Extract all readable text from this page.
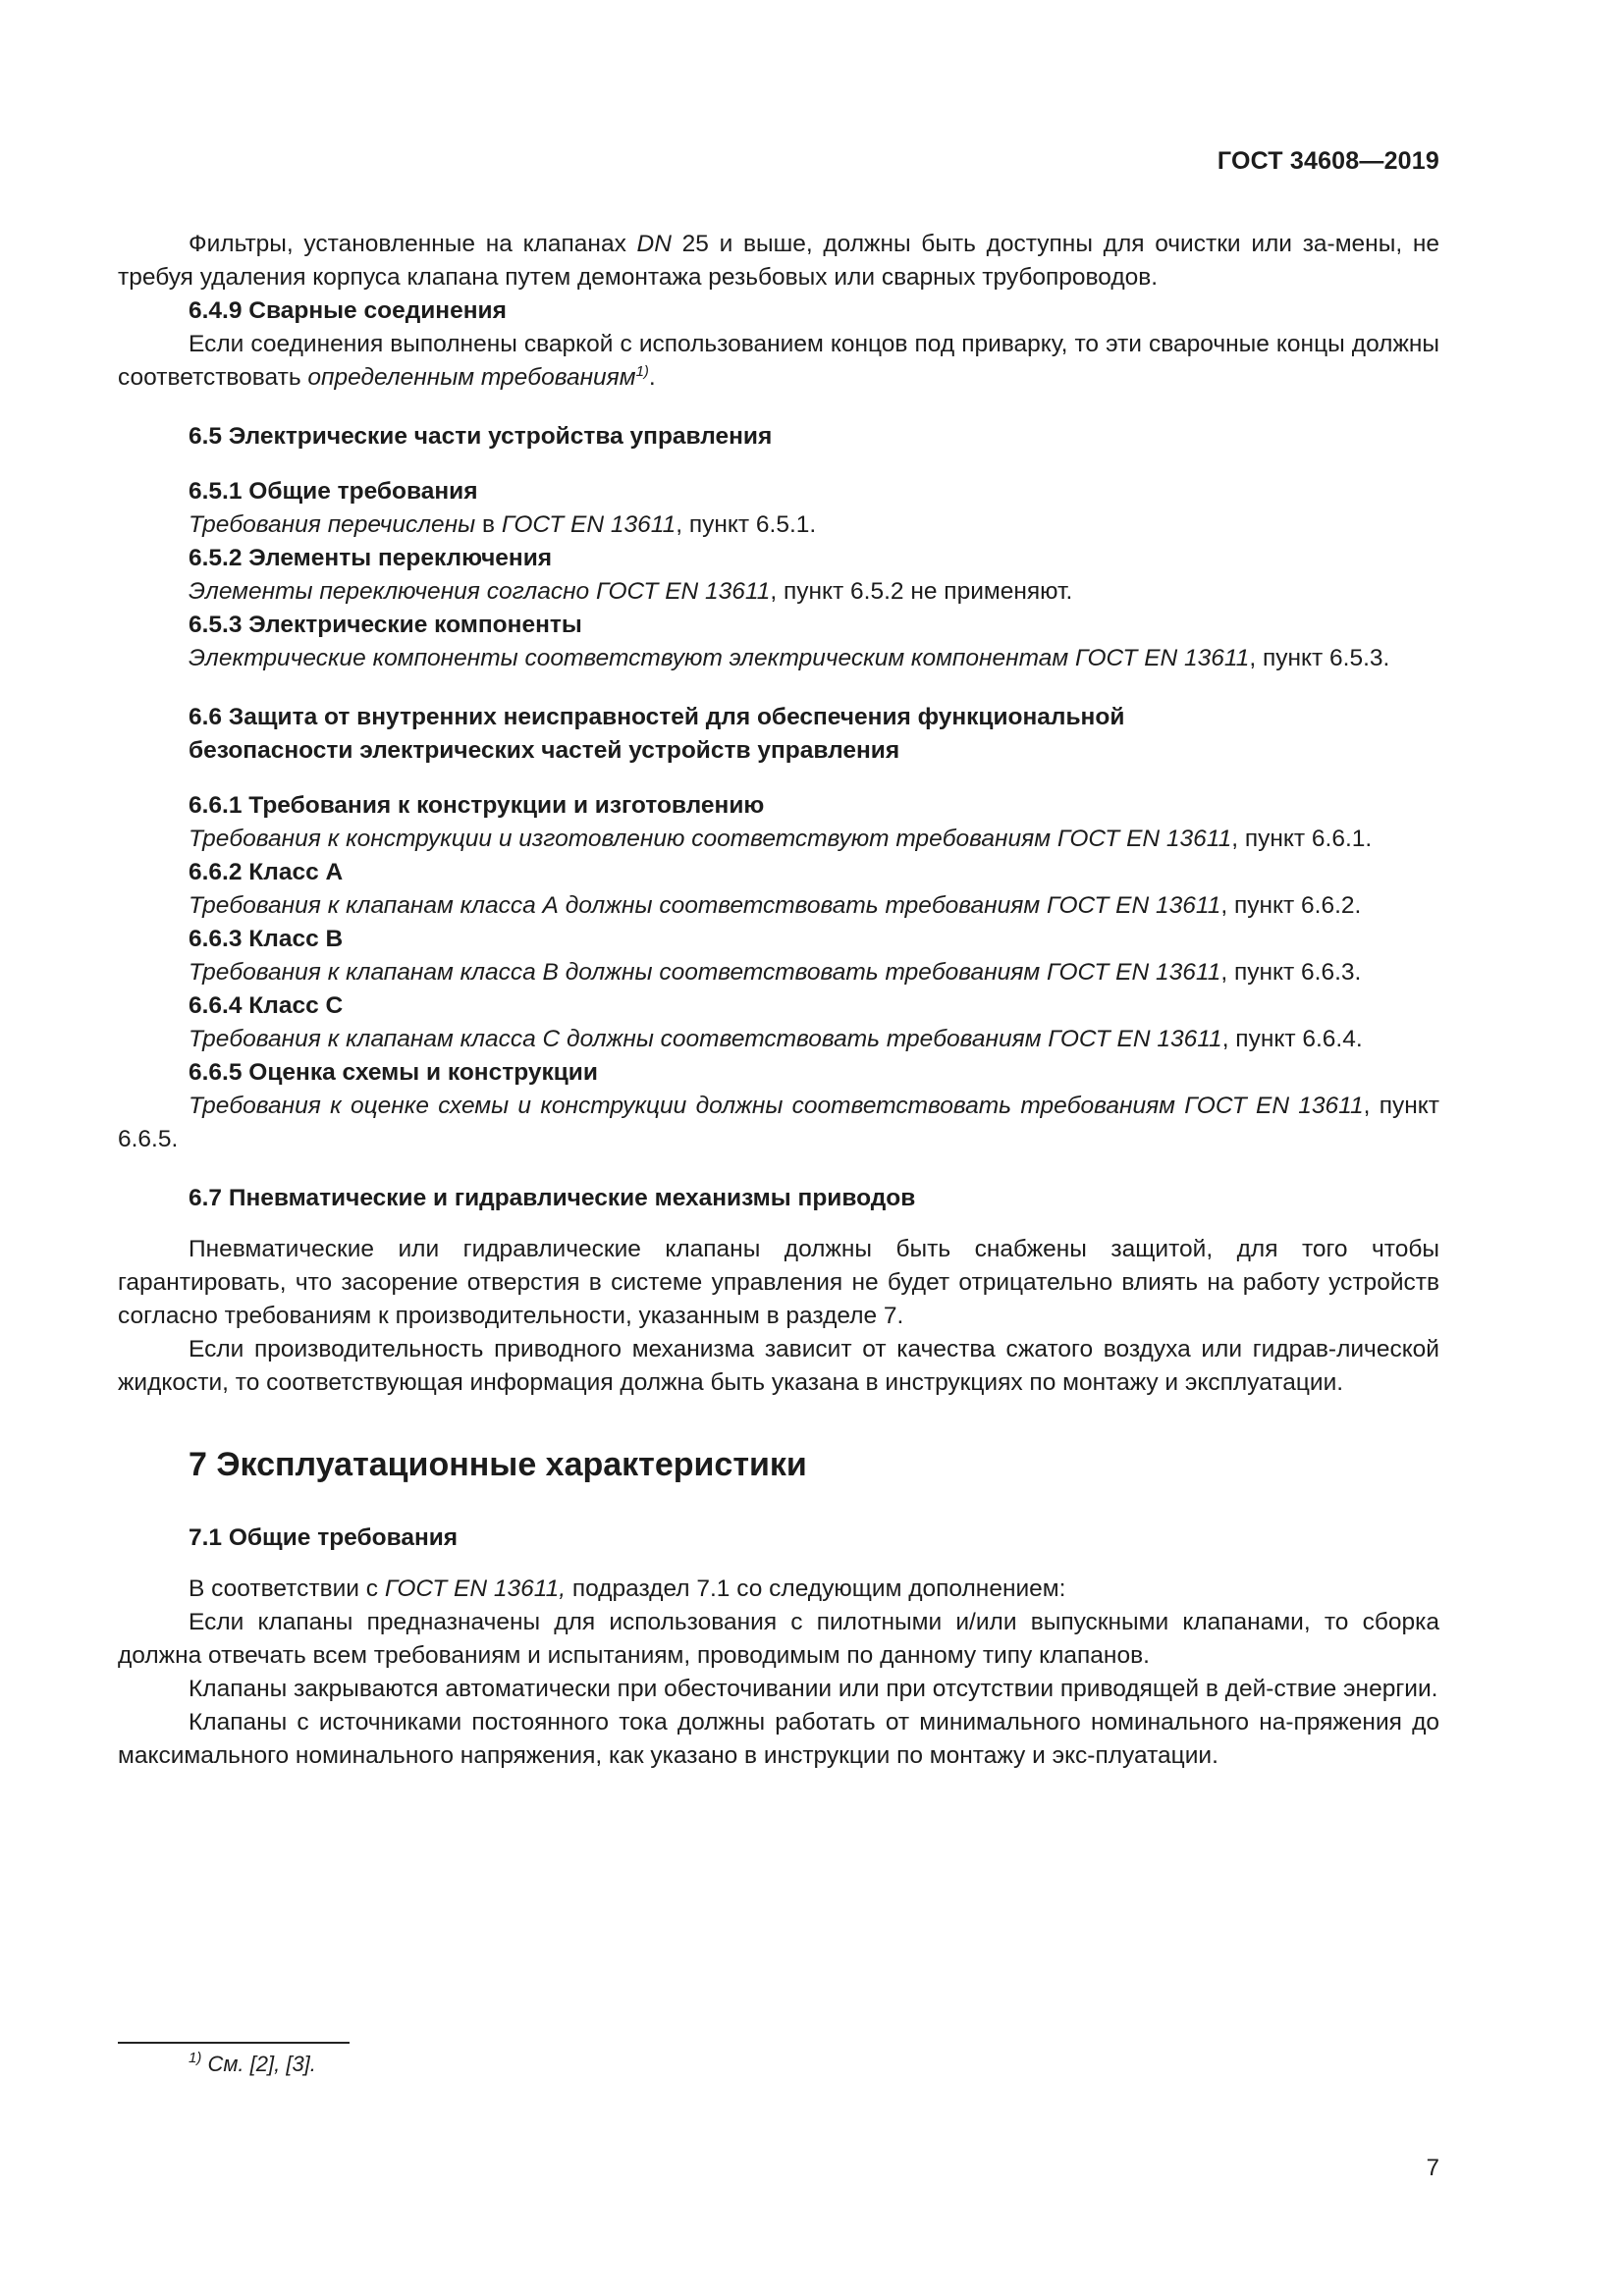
ГОСТ 34608—2019

Фильтры, установленные на клапанах DN 25 и выше, должны быть доступны для очистки или за-мены, не требуя удаления корпуса клапана путем демонтажа резьбовых или сварных трубопроводов.

6.4.9 Сварные соединения

Если соединения выполнены сваркой с использованием концов под приварку, то эти сварочные концы должны соответствовать определенным требованиям$^{1)}$.

6.5 Электрические части устройства управления

6.5.1 Общие требования

Требования перечислены в ГОСТ EN 13611, пункт 6.5.1.

6.5.2 Элементы переключения

Элементы переключения согласно ГОСТ EN 13611, пункт 6.5.2 не применяют.

6.5.3 Электрические компоненты

Электрические компоненты соответствуют электрическим компонентам ГОСТ EN 13611, пункт 6.5.3.

6.6 Защита от внутренних неисправностей для обеспечения функциональной

безопасности электрических частей устройств управления

6.6.1 Требования к конструкции и изготовлению

Требования к конструкции и изготовлению соответствуют требованиям ГОСТ EN 13611, пункт 6.6.1.

6.6.2 Класс А

Требования к клапанам класса А должны соответствовать требованиям ГОСТ EN 13611, пункт 6.6.2.

6.6.3 Класс В

Требования к клапанам класса В должны соответствовать требованиям ГОСТ EN 13611, пункт 6.6.3.

6.6.4 Класс С

Требования к клапанам класса С должны соответствовать требованиям ГОСТ EN 13611, пункт 6.6.4.

6.6.5 Оценка схемы и конструкции

Требования к оценке схемы и конструкции должны соответствовать требованиям ГОСТ EN 13611, пункт 6.6.5.

6.7 Пневматические и гидравлические механизмы приводов

Пневматические или гидравлические клапаны должны быть снабжены защитой, для того чтобы гарантировать, что засорение отверстия в системе управления не будет отрицательно влиять на работу устройств согласно требованиям к производительности, указанным в разделе 7.

Если производительность приводного механизма зависит от качества сжатого воздуха или гидрав-лической жидкости, то соответствующая информация должна быть указана в инструкциях по монтажу и эксплуатации.

7 Эксплуатационные характеристики

7.1 Общие требования

В соответствии с ГОСТ EN 13611, подраздел 7.1 со следующим дополнением:

Если клапаны предназначены для использования с пилотными и/или выпускными клапанами, то сборка должна отвечать всем требованиям и испытаниям, проводимым по данному типу клапанов.

Клапаны закрываются автоматически при обесточивании или при отсутствии приводящей в дей-ствие энергии.

Клапаны с источниками постоянного тока должны работать от минимального номинального на-пряжения до максимального номинального напряжения, как указано в инструкции по монтажу и экс-плуатации.

$^{1)}$ См. [2], [3].
7
